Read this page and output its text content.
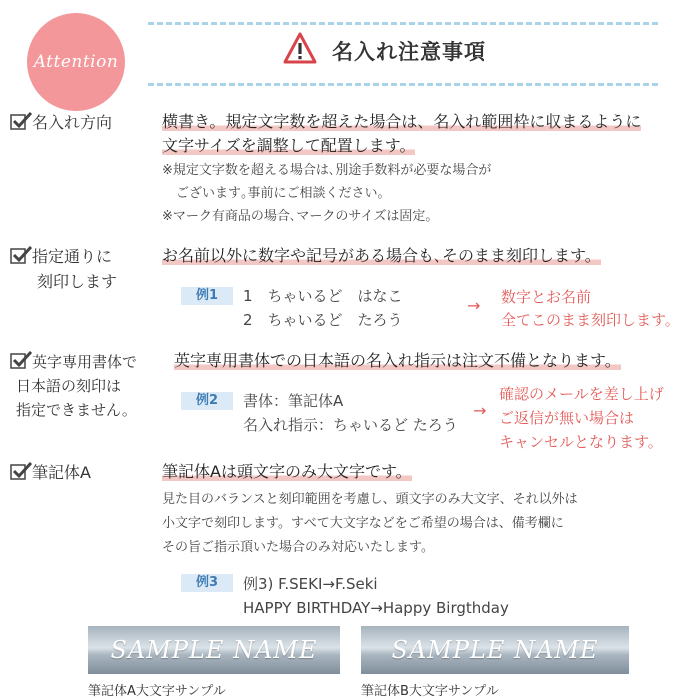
Attention	名入れ注意事項
名入れ方向	横書き。規定文字数を超えた場合は、名入れ範囲枠に収まるように
文字サイズを調整して配置します。
※規定文字数を超える場合は､別途手数料が必要な場合が
ございます｡事前にご相談ください。
※マーク有商品の場合､マークのサイズは固定。
指定通りに
刻印します
お名前以外に数字や記号がある場合も､そのまま刻印します。
例1	1　ちゃいるど　はなこ
2　ちゃいるど　たろう
→ 数字とお名前
全てこのまま刻印します。
英字専用書体で
日本語の刻印は
指定できません。
英字専用書体での日本語の名入れ指示は注文不備となります。
例2	書体：筆記体A
名入れ指示：ちゃいるど たろう
→
確認のメールを差し上げ
ご返信が無い場合は
キャンセルとなります。
筆記体A	筆記体Aは頭文字のみ大文字です。
見た目のバランスと刻印範囲を考慮し、頭文字のみ大文字、それ以外は
小文字で刻印します。すべて大文字などをご希望の場合は、備考欄に
その旨ご指示頂いた場合のみ対応いたします。
例3	例3) F.SEKI→F.Seki
HAPPY BIRTHDAY→Happy Birgthday
SAMPLE NAME
筆記体A大文字サンプル
SAMPLE NAME
筆記体B大文字サンプル
